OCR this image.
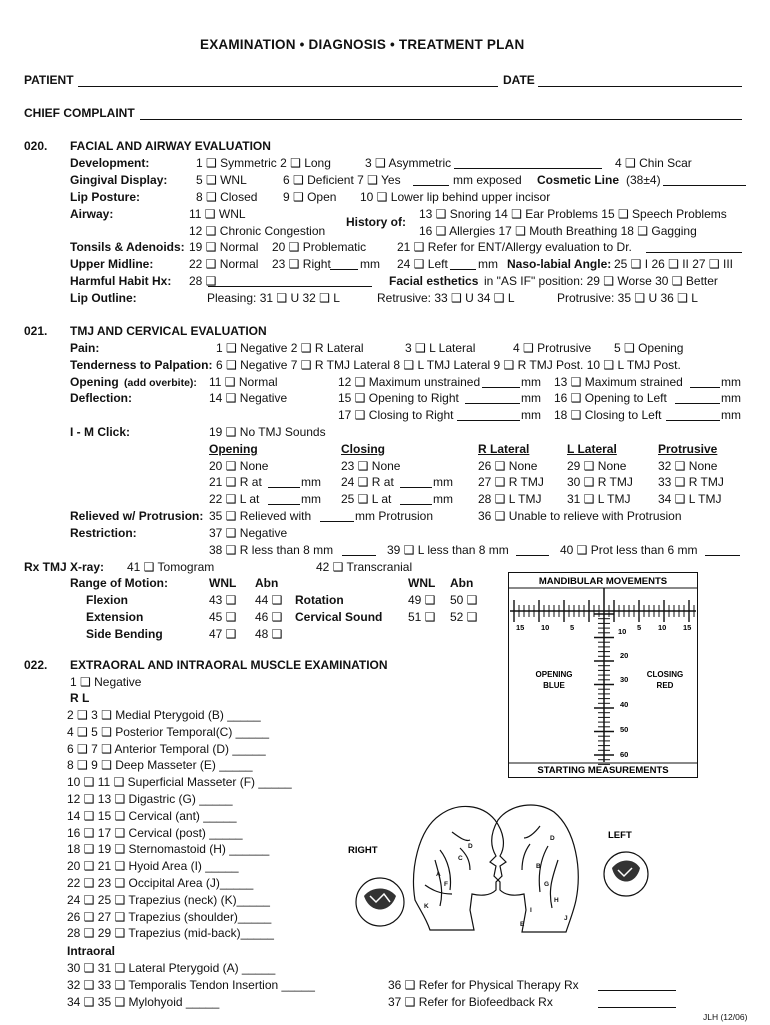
EXAMINATION • DIAGNOSIS • TREATMENT PLAN
PATIENT	DATE
CHIEF COMPLAINT
020. FACIAL AND AIRWAY EVALUATION
Development:	1 ❑ Symmetric 2 ❑ Long	3 ❑ Asymmetric	4 ❑ Chin Scar
Gingival Display: 5 ❑ WNL	6 ❑ Deficient 7 ❑ Yes	mm exposed Cosmetic Line (38±4)
Lip Posture:	8 ❑ Closed 9 ❑ Open 10 ❑ Lower lip behind upper incisor
Airway:	11 ❑ WNL
12 ❑ Chronic Congestion
History of:
13 ❑ Snoring 14 ❑ Ear Problems 15 ❑ Speech Problems
16 ❑ Allergies 17 ❑ Mouth Breathing 18 ❑ Gagging
Tonsils & Adenoids: 19 ❑ Normal 20 ❑ Problematic	21 ❑ Refer for ENT/Allergy evaluation to Dr.
Upper Midline:	22 ❑ Normal 23 ❑ Right mm 24 ❑ Left	mm Naso-labial Angle: 25 ❑ I 26 ❑ II 27 ❑ III
Harmful Habit Hx: 28 ❑	Facial esthetics in "AS IF" position: 29 ❑ Worse 30 ❑ Better
Lip Outline:	Pleasing: 31 ❑ U 32 ❑ L	Retrusive: 33 ❑ U 34 ❑ L	Protrusive: 35 ❑ U 36 ❑ L
021. TMJ AND CERVICAL EVALUATION
Pain:	1 ❑ Negative 2 ❑ R Lateral	3 ❑ L Lateral	4 ❑ Protrusive 5 ❑ Opening
Tenderness to Palpation: 6 ❑ Negative 7 ❑ R TMJ Lateral 8 ❑ L TMJ Lateral 9 ❑ R TMJ Post. 10 ❑ L TMJ Post.
Opening (add overbite): 11 ❑ Normal	12 ❑ Maximum unstrained	mm 13 ❑ Maximum strained	mm
Deflection:	14 ❑ Negative	15 ❑ Opening to Right	mm 16 ❑ Opening to Left	mm
17 ❑ Closing to Right	mm 18 ❑ Closing to Left	mm
I - M Click:	19 ❑ No TMJ Sounds
Opening	Closing	R Lateral	L Lateral	Protrusive
20 ❑ None	23 ❑ None	26 ❑ None 29 ❑ None	32 ❑ None
21 ❑ R at	mm 24 ❑ R at	mm 27 ❑ R TMJ 30 ❑ R TMJ 33 ❑ R TMJ
22 ❑ L at	mm 25 ❑ L at	mm 28 ❑ L TMJ 31 ❑ L TMJ 34 ❑ L TMJ
Relieved w/ Protrusion: 35 ❑ Relieved with	mm Protrusion	36 ❑ Unable to relieve with Protrusion
Restriction:	37 ❑ Negative
38 ❑ R less than 8 mm	39 ❑ L less than 8 mm	40 ❑ Prot less than 6 mm
Rx TMJ X-ray: 41 ❑ Tomogram	42 ❑ Transcranial
Range of Motion:	WNL Abn	WNL Abn
Flexion	43 ❑ 44 ❑ Rotation	49 ❑ 50 ❑
Extension	45 ❑ 46 ❑ Cervical Sound 51 ❑ 52 ❑
Side Bending	47 ❑ 48 ❑
MANDIBULAR MOVEMENTS
15 10	5	10 5 10 15
20
30
40
50
60
OPENING
BLUE
CLOSING
RED
STARTING MEASUREMENTS
022. EXTRAORAL AND INTRAORAL MUSCLE EXAMINATION
1 ❑ Negative
R L
2 ❑ 3 ❑ Medial Pterygoid (B) _____
4 ❑ 5 ❑ Posterior Temporal(C) _____
6 ❑ 7 ❑ Anterior Temporal (D) _____
8 ❑ 9 ❑ Deep Masseter (E) _____
10 ❑ 11 ❑ Superficial Masseter (F) _____
12 ❑ 13 ❑ Digastric (G) _____
14 ❑ 15 ❑ Cervical (ant) _____
16 ❑ 17 ❑ Cervical (post) _____
18 ❑ 19 ❑ Sternomastoid (H) ______
20 ❑ 21 ❑ Hyoid Area (I) _____
22 ❑ 23 ❑ Occipital Area (J)_____
24 ❑ 25 ❑ Trapezius (neck) (K)_____
26 ❑ 27 ❑ Trapezius (shoulder)_____
28 ❑ 29 ❑ Trapezius (mid-back)_____
Intraoral
30 ❑ 31 ❑ Lateral Pterygoid (A) _____
32 ❑ 33 ❑ Temporalis Tendon Insertion _____
34 ❑ 35 ❑ Mylohyoid _____
36 ❑ Refer for Physical Therapy Rx
37 ❑ Refer for Biofeedback Rx
RIGHT
LEFT
A
C
D
F
K
D
B
G
H
I
E
J
JLH (12/06)
